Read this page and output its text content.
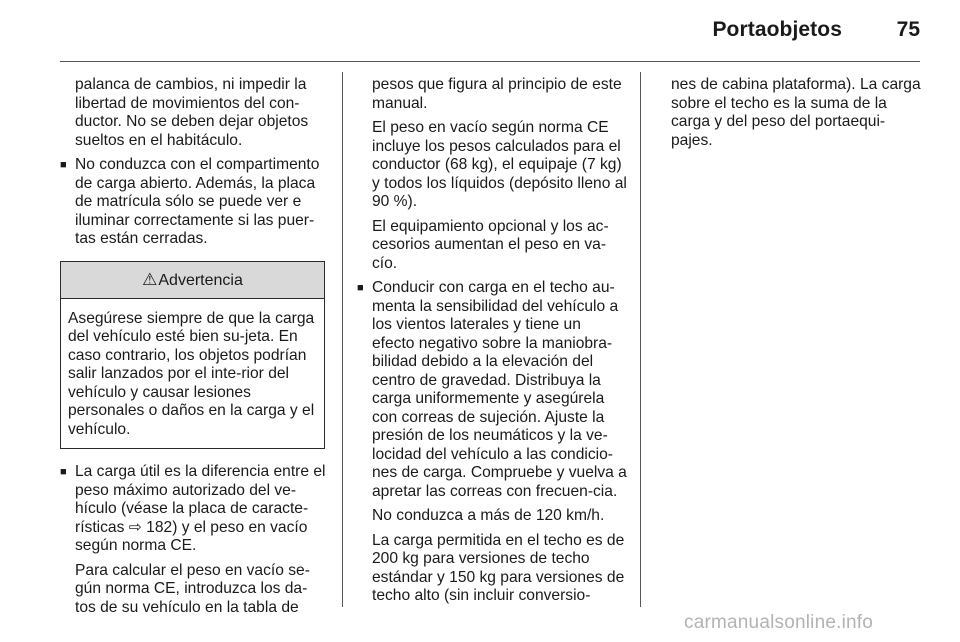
Portaobjetos	75

palanca de cambios, ni impedir la libertad de movimientos del con-ductor. No se deben dejar objetos sueltos en el habitáculo.

■ No conduzca con el compartimento de carga abierto. Además, la placa de matrícula sólo se puede ver e iluminar correctamente si las puer-tas están cerradas.
⚠Advertencia
Asegúrese siempre de que la carga del vehículo esté bien su-jeta. En caso contrario, los objetos podrían salir lanzados por el inte-rior del vehículo y causar lesiones personales o daños en la carga y el vehículo.
■ La carga útil es la diferencia entre el peso máximo autorizado del ve-hículo (véase la placa de caracte-rísticas ⇨ 182) y el peso en vacío según norma CE.

Para calcular el peso en vacío se-gún norma CE, introduzca los da-tos de su vehículo en la tabla de

pesos que figura al principio de este manual.

El peso en vacío según norma CE incluye los pesos calculados para el conductor (68 kg), el equipaje (7 kg) y todos los líquidos (depósito lleno al 90 %).

El equipamiento opcional y los ac-cesorios aumentan el peso en va-cío.

■ Conducir con carga en el techo au-menta la sensibilidad del vehículo a los vientos laterales y tiene un efecto negativo sobre la maniobra-bilidad debido a la elevación del centro de gravedad. Distribuya la carga uniformemente y asegúrela con correas de sujeción. Ajuste la presión de los neumáticos y la ve-locidad del vehículo a las condicio-nes de carga. Compruebe y vuelva a apretar las correas con frecuen-cia.

No conduzca a más de 120 km/h.

La carga permitida en el techo es de 200 kg para versiones de techo estándar y 150 kg para versiones de techo alto (sin incluir conversio-

nes de cabina plataforma). La carga sobre el techo es la suma de la carga y del peso del portaequi-pajes.

carmanualsonline.info
